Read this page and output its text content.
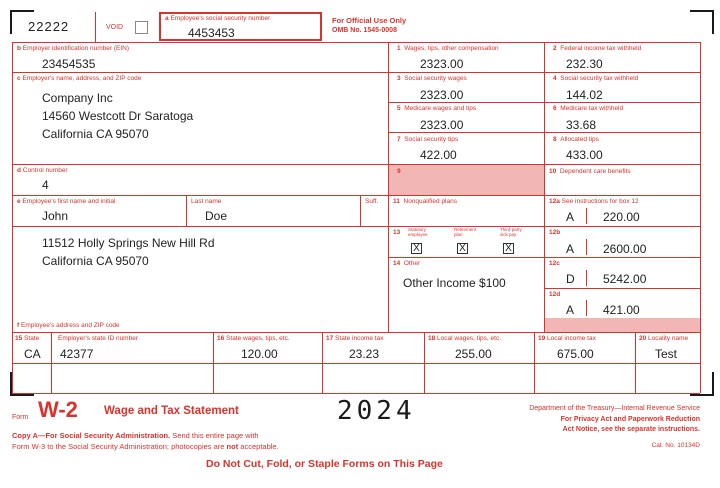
22222	VOID
a Employee's social security number
4453453
For Official Use Only
OMB No. 1545-0008
b Employer identification number (EIN)
23454535
c Employer's name, address, and ZIP code
Company Inc
14560 Westcott Dr Saratoga
California CA 95070
d Control number
4
e Employee's first name and initial
John
Last name
Doe
Suff.
11512 Holly Springs New Hill Rd
California CA 95070
f Employee's address and ZIP code
1 Wages, tips, other compensation
2323.00
2 Federal income tax withheld
232.30
3 Social security wages
2323.00
4 Social security tax withheld
144.02
5 Medicare wages and tips
2323.00
6 Medicare tax withheld
33.68
7 Social security tips
422.00
8 Allocated tips
433.00
9	10 Dependent care benefits
11 Nonqualified plans	12a See instructions for box 12
A 220.00
13 Statutory employee
Retirement plan
Third-party sick pay
X	X	X
12b
A 2600.00
14 Other
Other Income $100
12c
D 5242.00
12d
A 421.00
15 State
CA
Employer's state ID number
42377
16 State wages, tips, etc.
120.00
17 State income tax
23.23
18 Local wages, tips, etc.
255.00
19 Local income tax
675.00
20 Locality name
Test
Form W-2 Wage and Tax Statement	2024	Department of the Treasury—Internal Revenue Service
For Privacy Act and Paperwork Reduction
Act Notice, see the separate instructions.
Copy A—For Social Security Administration. Send this entire page with
Form W-3 to the Social Security Administration; photocopies are not acceptable.	Cat. No. 10134D
Do Not Cut, Fold, or Staple Forms on This Page
